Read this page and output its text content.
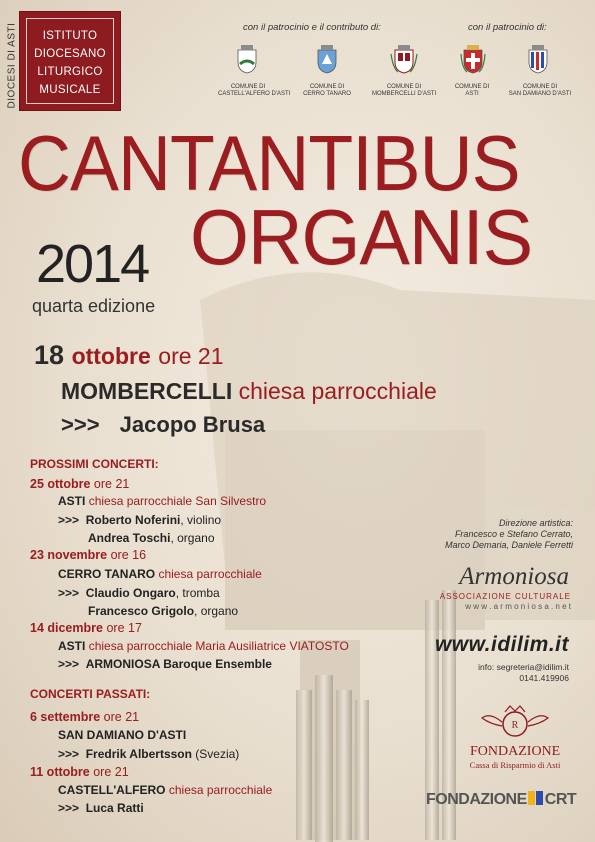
DIOCESI DI ASTI	ISTITUTO
DIOCESANO
LITURGICO
MUSICALE
con il patrocinio e il contributo di:	con il patrocinio di:
COMUNE DI
CASTELL'ALFERO D'ASTI
COMUNE DI
CERRO TANARO
COMUNE DI
MOMBERCELLI D'ASTI
COMUNE DI
ASTI
COMUNE DI
SAN DAMIANO D'ASTI
CANTANTIBUS
ORGANIS
2014
quarta edizione
18 ottobre ore 21
MOMBERCELLI chiesa parrocchiale
>>> Jacopo Brusa
PROSSIMI CONCERTI:
25 ottobre ore 21
ASTI chiesa parrocchiale San Silvestro
>>> Roberto Noferini, violino
Andrea Toschi, organo
23 novembre ore 16
CERRO TANARO chiesa parrocchiale
>>> Claudio Ongaro, tromba
Francesco Grigolo, organo
14 dicembre ore 17
ASTI chiesa parrocchiale Maria Ausiliatrice VIATOSTO
>>> ARMONIOSA Baroque Ensemble
CONCERTI PASSATI:
6 settembre ore 21
SAN DAMIANO D'ASTI
>>> Fredrik Albertsson (Svezia)
11 ottobre ore 21
CASTELL'ALFERO chiesa parrocchiale
>>> Luca Ratti
Direzione artistica:
Francesco e Stefano Cerrato,
Marco Demaria, Daniele Ferretti
Armoniosa
ASSOCIAZIONE CULTURALE
w w w . a r m o n i o s a . n e t
www.idilim.it
info: segreteria@idilim.it
0141.419906
R
FONDAZIONE
Cassa di Risparmio di Asti
FONDAZIONE CRT
